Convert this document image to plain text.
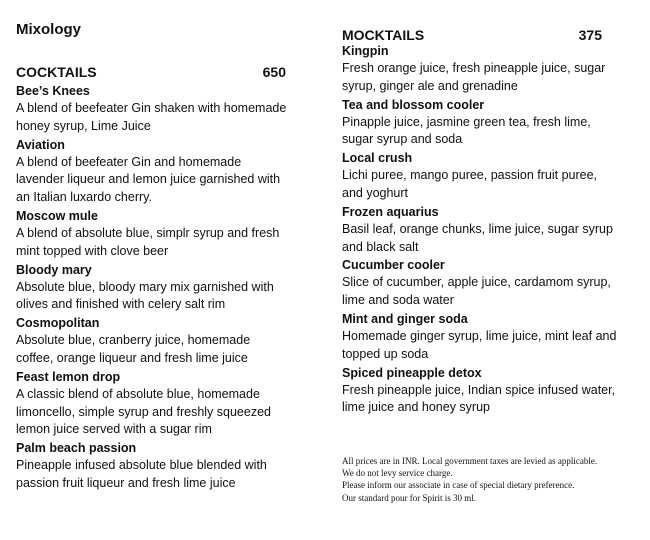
Mixology
COCKTAILS	650
Bee’s Knees
A blend of beefeater Gin shaken with homemade honey syrup, Lime Juice
Aviation
A blend of beefeater Gin and homemade lavender liqueur and lemon juice garnished with an Italian luxardo cherry.
Moscow mule
A blend of absolute blue, simplr syrup and fresh mint topped with clove beer
Bloody mary
Absolute blue, bloody mary mix garnished with olives and finished with celery salt rim
Cosmopolitan
Absolute blue, cranberry juice, homemade coffee, orange liqueur and fresh lime juice
Feast lemon drop
A classic blend of absolute blue, homemade limoncello, simple syrup and freshly squeezed lemon juice served with a sugar rim
Palm beach passion
Pineapple infused absolute blue blended with passion fruit liqueur and fresh lime juice
MOCKTAILS	375
Kingpin
Fresh orange juice, fresh pineapple juice, sugar syrup, ginger ale and grenadine
Tea and blossom cooler
Pinapple juice, jasmine green tea, fresh lime, sugar syrup and soda
Local crush
Lichi puree, mango puree, passion fruit puree, and yoghurt
Frozen aquarius
Basil leaf, orange chunks, lime juice, sugar syrup and black salt
Cucumber cooler
Slice of cucumber, apple juice, cardamom syrup, lime and soda water
Mint and ginger soda
Homemade ginger syrup, lime juice, mint leaf and topped up soda
Spiced pineapple detox
Fresh pineapple juice, Indian spice infused water, lime juice and honey syrup
All prices are in INR. Local government taxes are levied as applicable.
We do not levy service charge.
Please inform our associate in case of special dietary preference.
Our standard pour for Spirit is 30 ml.
